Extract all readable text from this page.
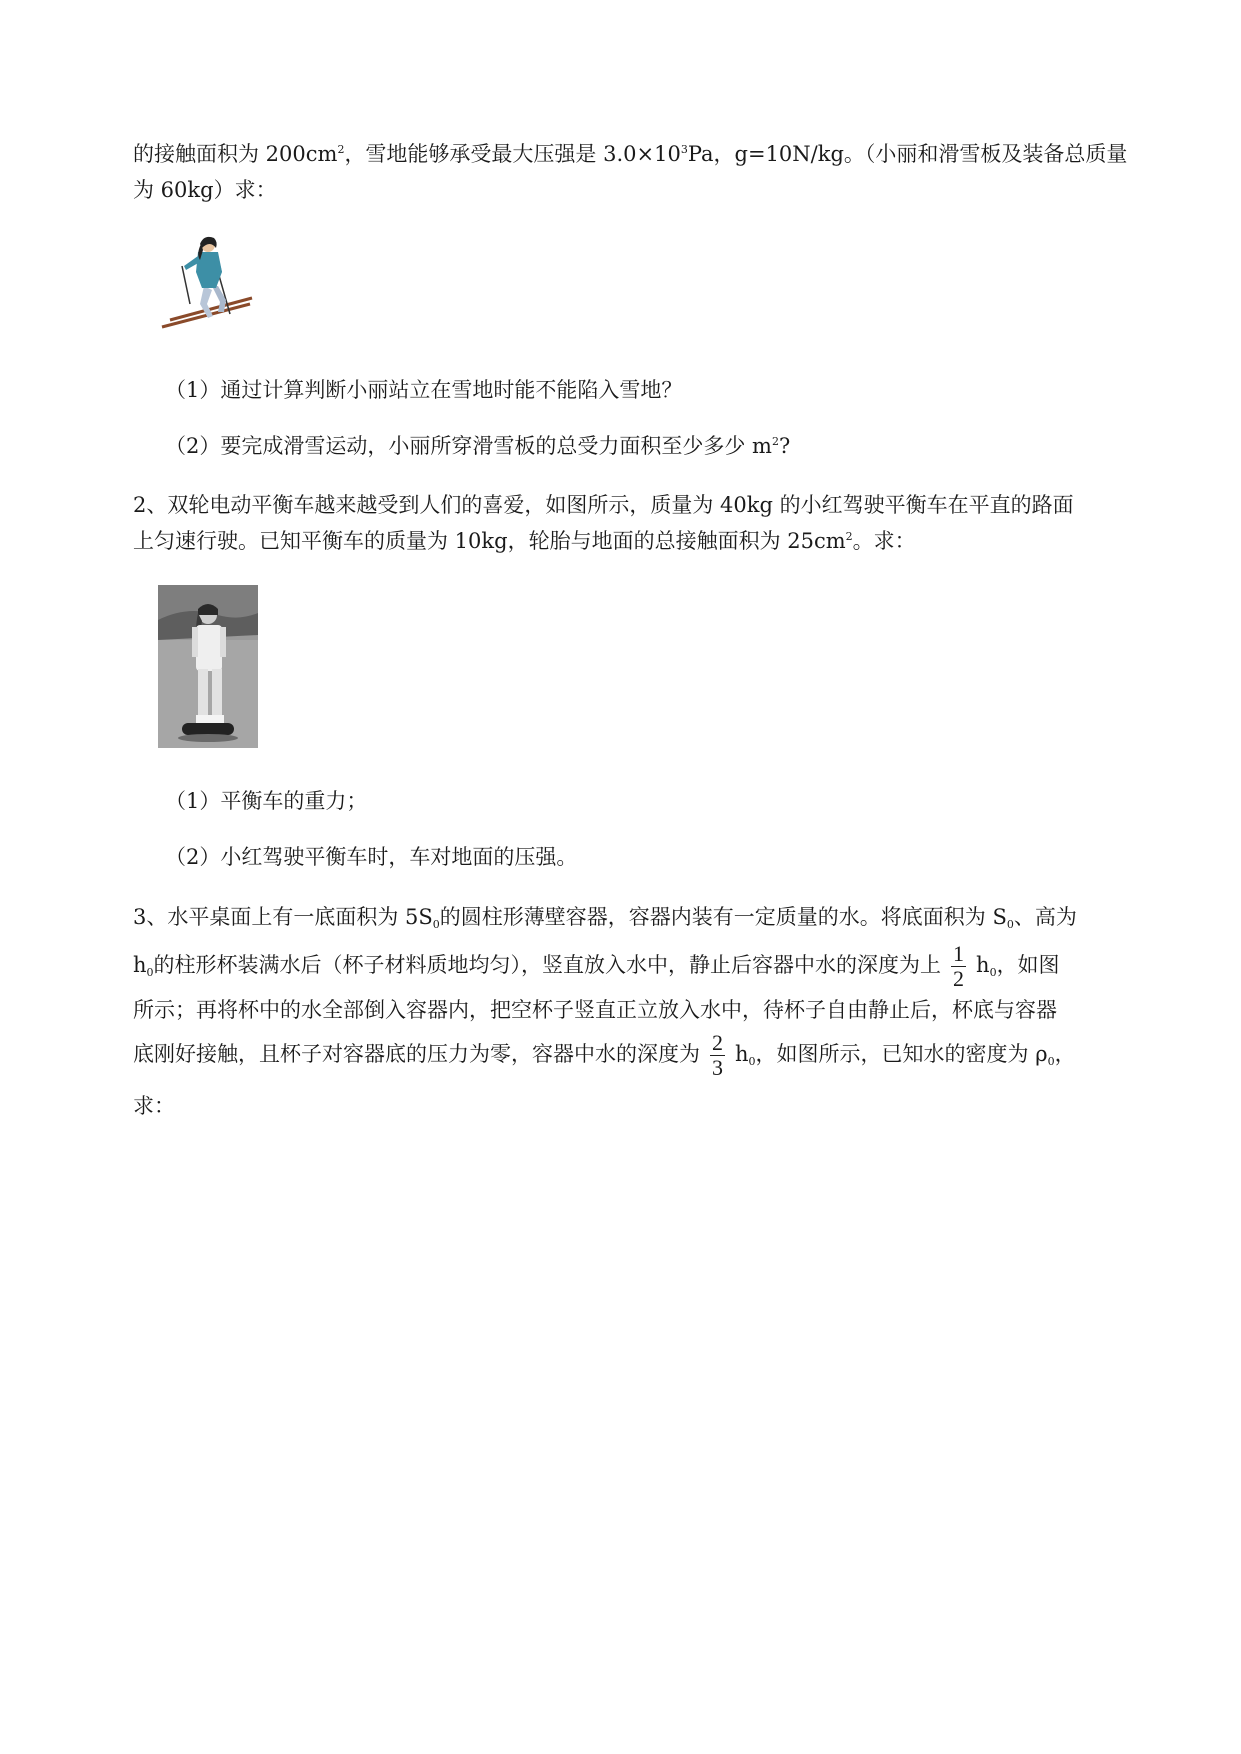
的接触面积为 $200cm^2$，雪地能够承受最大压强是 $3.0\times 10^3Pa$，g=10N/kg。（小丽和滑雪板及装备总质量
为 60kg）求：
（1）通过计算判断小丽站立在雪地时能不能陷入雪地？
（2）要完成滑雪运动，小丽所穿滑雪板的总受力面积至少多少 $m^2$?
2、双轮电动平衡车越来越受到人们的喜爱，如图所示，质量为 40kg 的小红驾驶平衡车在平直的路面
上匀速行驶。已知平衡车的质量为 10kg，轮胎与地面的总接触面积为 $25cm^2$。求：
（1）平衡车的重力；
（2）小红驾驶平衡车时，车对地面的压强。
3、水平桌面上有一底面积为 5S0的圆柱形薄壁容器，容器内装有一定质量的水。将底面积为 S0、高为
h0的柱形杯装满水后（杯子材料质地均匀），竖直放入水中，静止后容器中水的深度为上 $\frac{1}{2} h0$，如图
所示；再将杯中的水全部倒入容器内，把空杯子竖直正立放入水中，待杯子自由静止后，杯底与容器
底刚好接触，且杯子对容器底的压力为零，容器中水的深度为 $\frac{2}{3} h0$，如图所示，已知水的密度为 ρ0，
求：
